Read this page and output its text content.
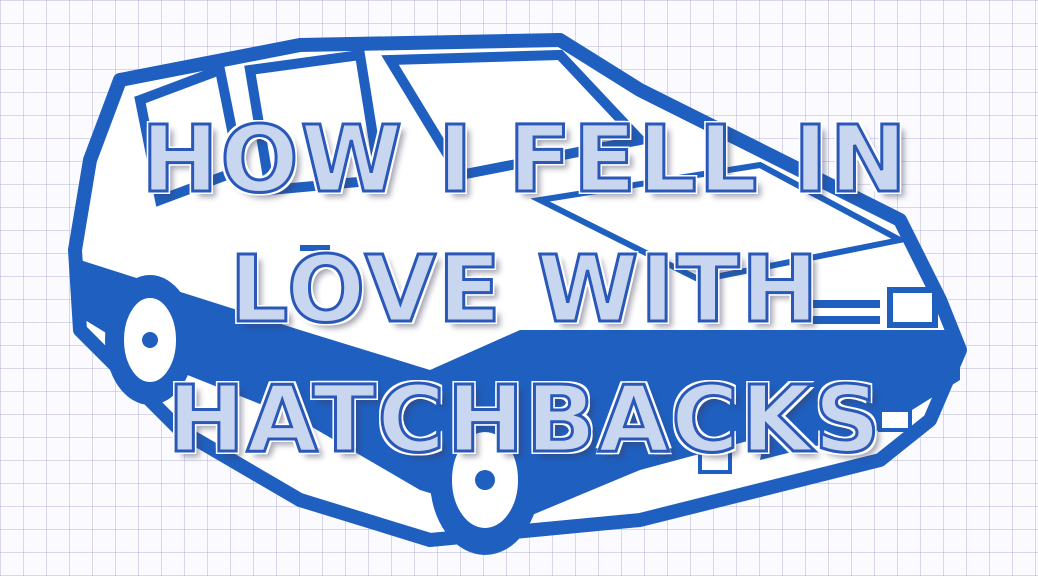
HOW I FELL IN
LOVE WITH
HATCHBACKS
